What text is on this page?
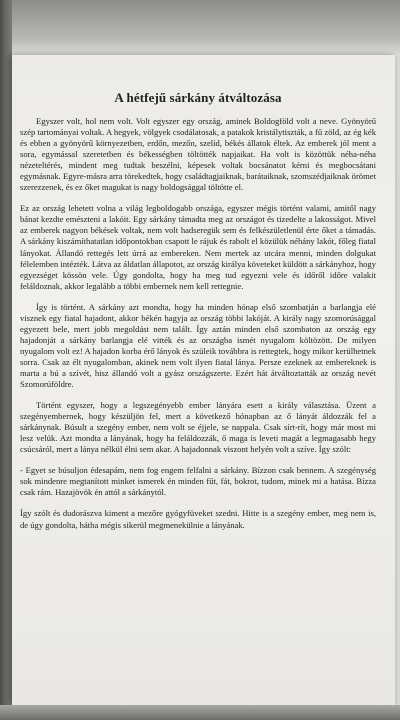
A hétfejű sárkány átváltozása

Egyszer volt, hol nem volt. Volt egyszer egy ország, aminek Boldogföld volt a neve. Gyönyörű szép tartományai voltak. A hegyek, völgyek csodálatosak, a patakok kristálytiszták, a fű zöld, az ég kék és ebben a gyönyörű környezetben, erdőn, mezőn, szelíd, békés állatok éltek. Az emberek jól ment a sora, egymással szeretetben és békességben töltötték napjaikat. Ha volt is közöttük néha-néha nézeteltérés, mindent meg tudtak beszélni, képesek voltak bocsánatot kérni és megbocsátani egymásnak. Egyre-másra arra törekedtek, hogy családtagjaiknak, barátaiknak, szomszédjaiknak örömet szerezzenek, és ez őket magukat is nagy boldogsággal töltötte el.

Ez az ország lehetett volna a világ legboldogabb országa, egyszer mégis történt valami, amitől nagy bánat kezdte emészteni a lakóit. Egy sárkány támadta meg az országot és tizedelte a lakosságot. Mivel az emberek nagyon békések voltak, nem volt hadseregük sem és felkészületlenül érte őket a támadás. A sárkány kiszámíthatatlan időpontokban csapott le rájuk és rabolt el közülük néhány lakót, főleg fiatal lányokat. Állandó rettegés lett úrrá az embereken. Nem mertek az utcára menni, minden dolgukat félelemben intézték. Látva az áldatlan állapotot, az ország királya követeket küldött a sárkányhoz, hogy egyezséget kössön vele. Úgy gondolta, hogy ha meg tud egyezni vele és időről időre valakit feláldoznak, akkor legalább a többi embernek nem kell rettegnie.

Így is történt. A sárkány azt mondta, hogy ha minden hónap első szombatján a barlangja elé visznek egy fiatal hajadont, akkor békén hagyja az ország többi lakóját. A király nagy szomorúsággal egyezett bele, mert jobb megoldást nem talált. Így aztán minden első szombaton az ország egy hajadonját a sárkány barlangja elé vitték és az országba ismét nyugalom költözött. De milyen nyugalom volt ez! A hajadon korba érő lányok és szüleik továbbra is rettegtek, hogy mikor kerülhetnek sorra. Csak az élt nyugalomban, akinek nem volt ilyen fiatal lánya. Persze ezeknek az embereknek is marta a bú a szívét, hisz állandó volt a gyász országszerte. Ezért hát átváltoztatták az ország nevét Szomorúföldre.

Történt egyszer, hogy a legszegényebb ember lányára esett a király választása. Üzent a szegényembernek, hogy készüljön fel, mert a következő hónapban az ő lányát áldozzák fel a sárkánynak. Búsult a szegény ember, nem volt se éjjele, se nappala. Csak sírt-rít, hogy már most mi lesz velük. Azt mondta a lányának, hogy ha feláldozzák, ő maga is leveti magát a legmagasabb hegy csúcsáról, mert a lánya nélkül élni sem akar. A hajadonnak viszont helyén volt a szíve. Így szólt:

- Egyet se búsuljon édesapám, nem fog engem felfalni a sárkány. Bízzon csak bennem. A szegénység sok mindenre megtanított minket ismerek én minden fűt, fát, bokrot, tudom, minek mi a hatása. Bízza csak rám. Hazajövök én attól a sárkánytól.

Így szólt és dudorászva kiment a mezőre gyógyfüveket szedni. Hitte is a szegény ember, meg nem is, de úgy gondolta, hátha mégis sikerül megmenekülnie a lányának.
